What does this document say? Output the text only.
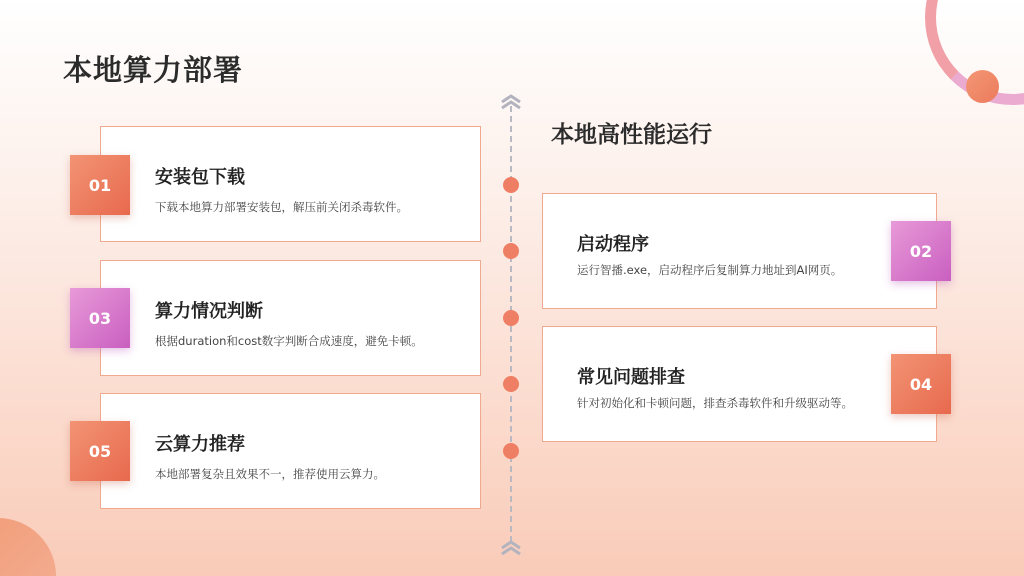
本地算力部署
本地高性能运行
安装包下载
下载本地算力部署安装包，解压前关闭杀毒软件。
01
算力情况判断
根据duration和cost数字判断合成速度，避免卡顿。
03
云算力推荐
本地部署复杂且效果不一，推荐使用云算力。
05
启动程序
运行智播.exe，启动程序后复制算力地址到AI网页。
02
常见问题排查
针对初始化和卡顿问题，排查杀毒软件和升级驱动等。
04
